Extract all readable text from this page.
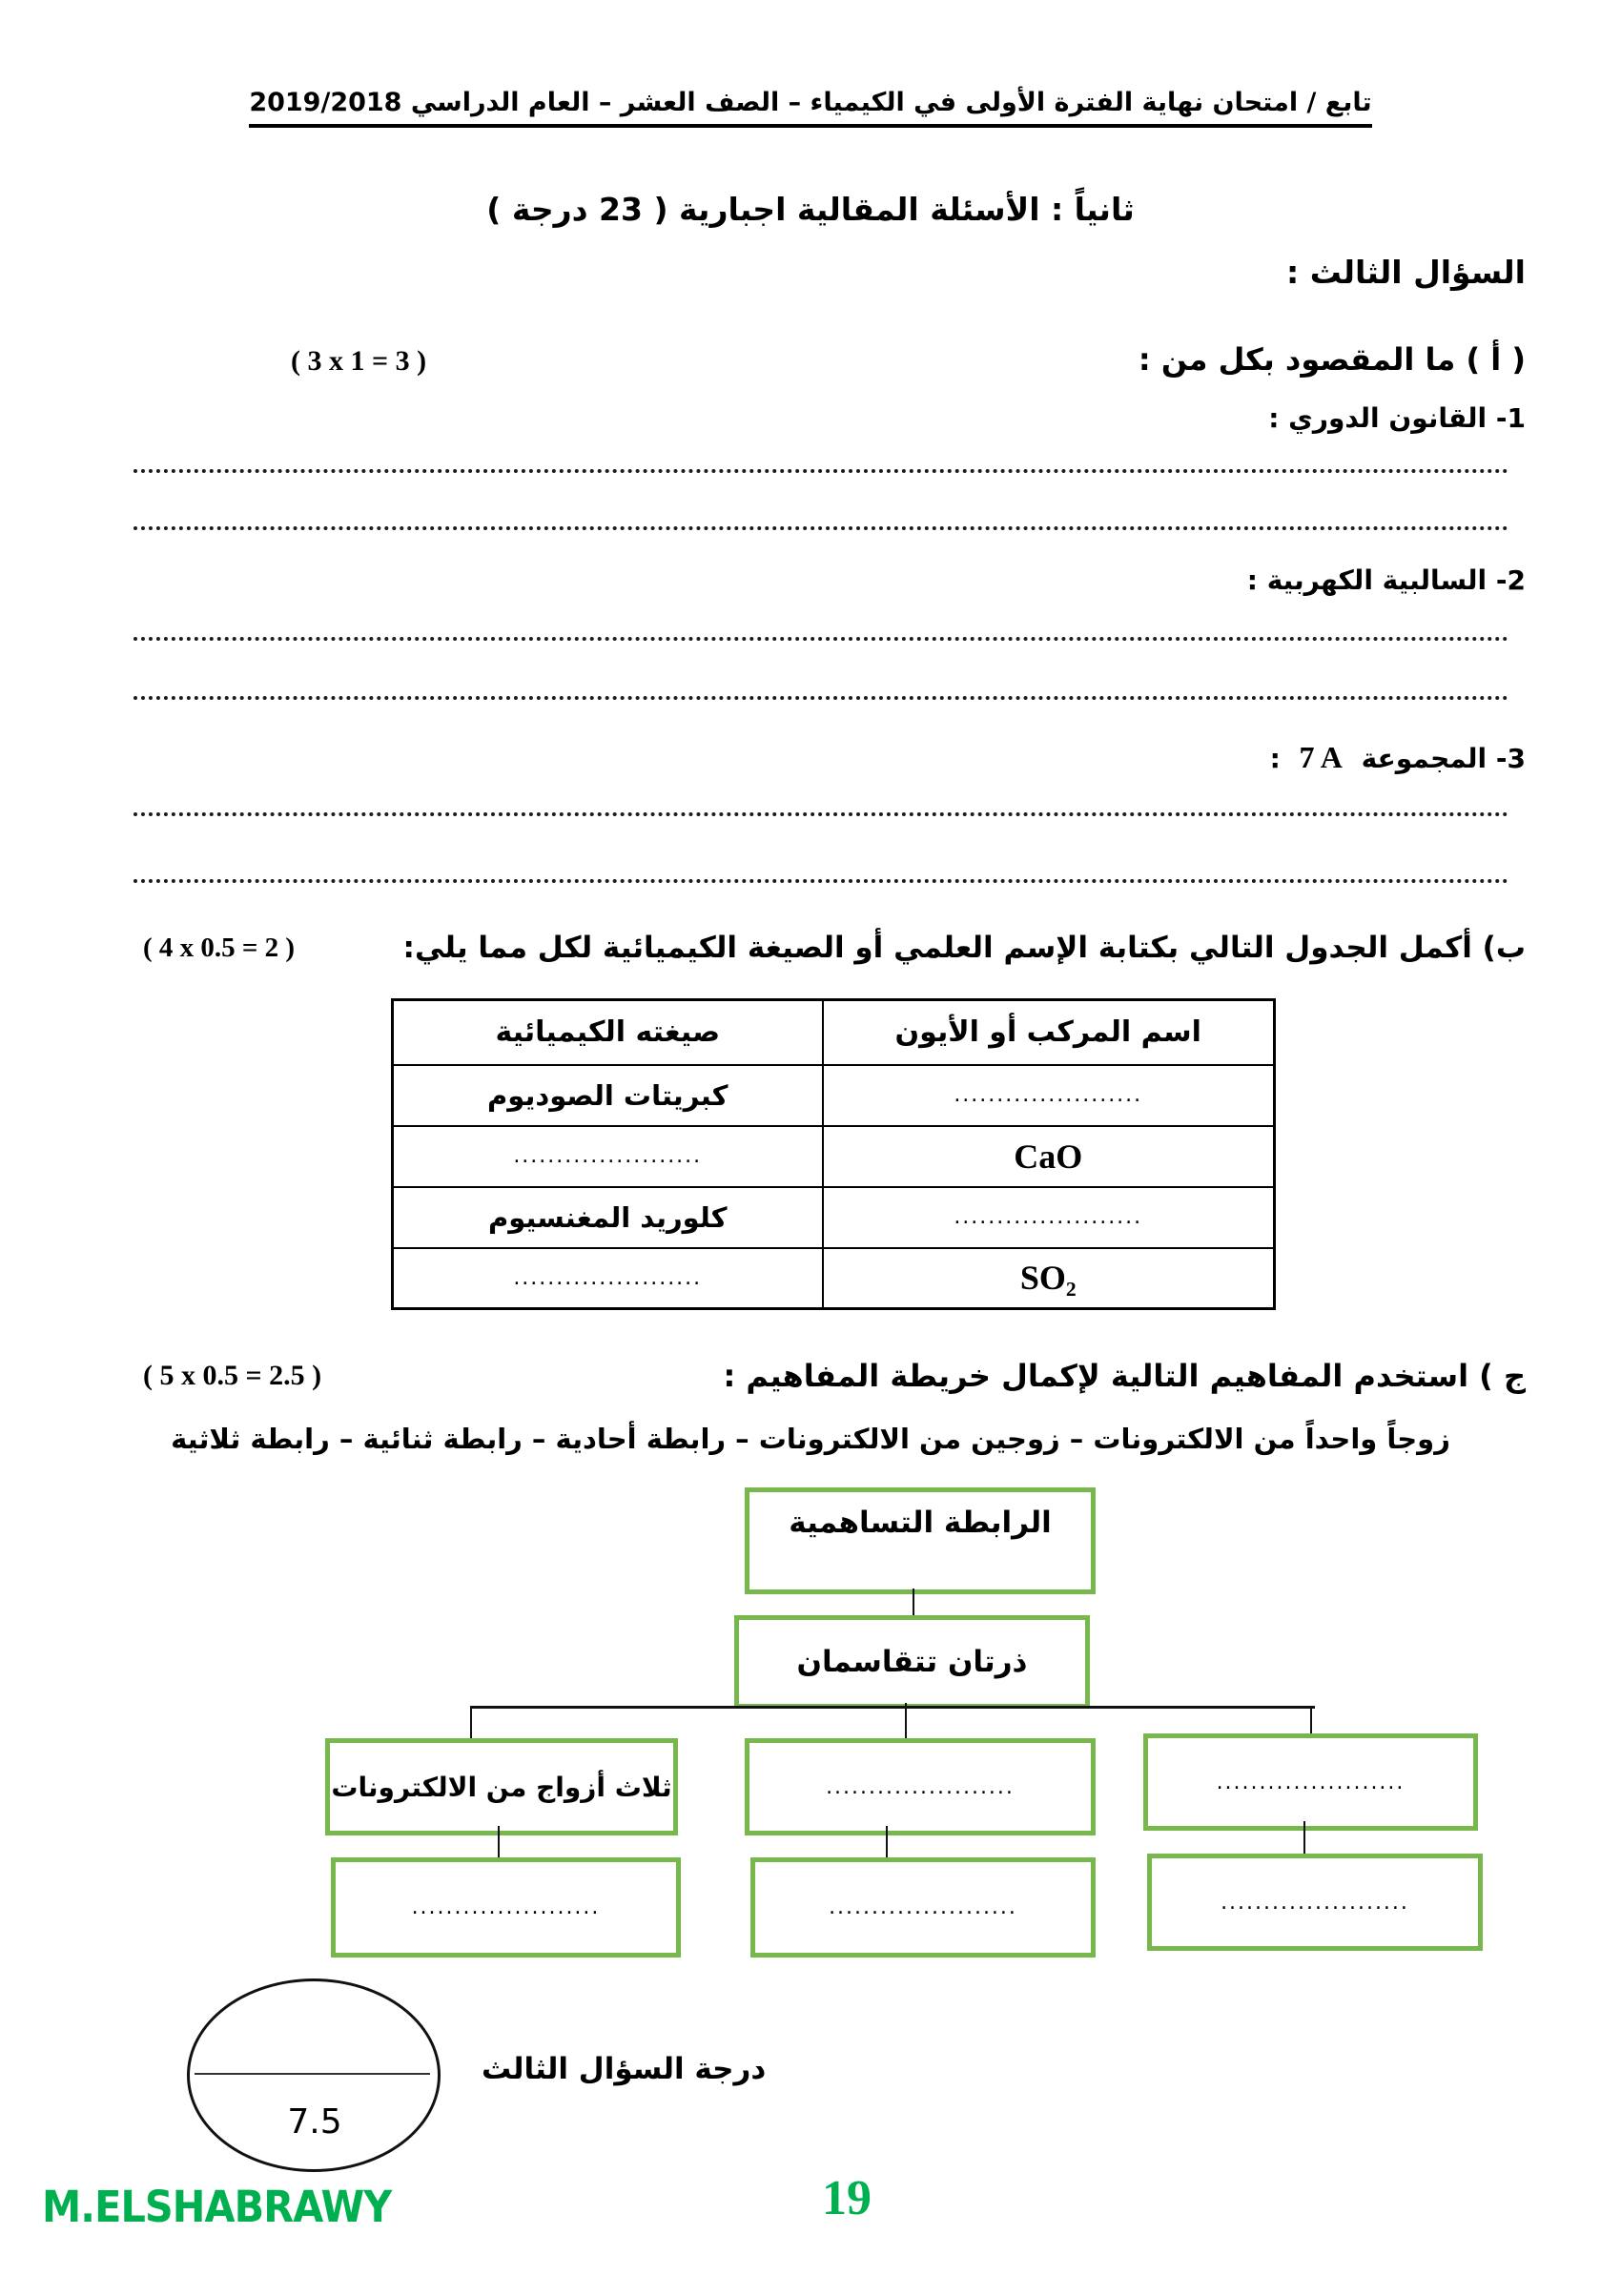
تابع / امتحان نهاية الفترة الأولى في الكيمياء – الصف العشر – العام الدراسي 2019/2018
ثانياً : الأسئلة المقالية اجبارية ( 23 درجة )
السؤال الثالث :
( أ ) ما المقصود بكل من :
( 3 x 1 = 3 )
1- القانون الدوري :
2- السالبية الكهربية :
3- المجموعة 7 A :
ب) أكمل الجدول التالي بكتابة الإسم العلمي أو الصيغة الكيميائية لكل مما يلي:
( 4 x 0.5 = 2 )
اسم المركب أو الأيون	صيغته الكيميائية
......................	كبريتات الصوديوم
CaO	......................
......................	كلوريد المغنسيوم
SO₂	......................
ج ) استخدم المفاهيم التالية لإكمال خريطة المفاهيم :
( 5 x 0.5 = 2.5 )
زوجاً واحداً من الالكترونات – زوجين من الالكترونات – رابطة أحادية – رابطة ثنائية – رابطة ثلاثية
الرابطة التساهمية
ذرتان تتقاسمان
ثلاث أزواج من الالكترونات	......................	......................
......................	......................	......................
7.5
درجة السؤال الثالث
M.ELSHABRAWY	19
